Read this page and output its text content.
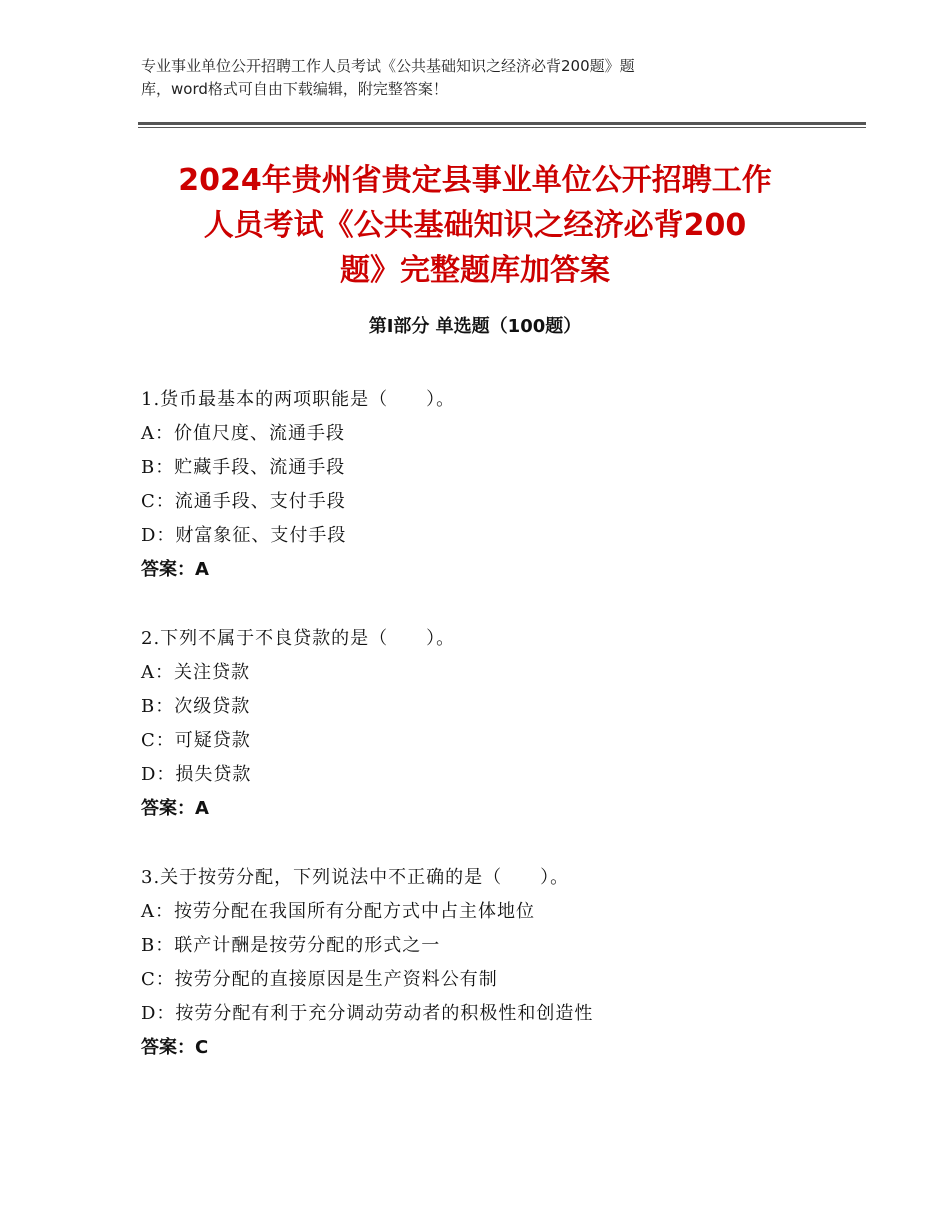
专业事业单位公开招聘工作人员考试《公共基础知识之经济必背200题》题
库，word格式可自由下载编辑，附完整答案！
2024年贵州省贵定县事业单位公开招聘工作
人员考试《公共基础知识之经济必背200
题》完整题库加答案
第Ⅰ部分 单选题（100题）
1.货币最基本的两项职能是（　　）。
A：价值尺度、流通手段
B：贮藏手段、流通手段
C：流通手段、支付手段
D：财富象征、支付手段
答案：A
2.下列不属于不良贷款的是（　　）。
A：关注贷款
B：次级贷款
C：可疑贷款
D：损失贷款
答案：A
3.关于按劳分配，下列说法中不正确的是（　　）。
A：按劳分配在我国所有分配方式中占主体地位
B：联产计酬是按劳分配的形式之一
C：按劳分配的直接原因是生产资料公有制
D：按劳分配有利于充分调动劳动者的积极性和创造性
答案：C
